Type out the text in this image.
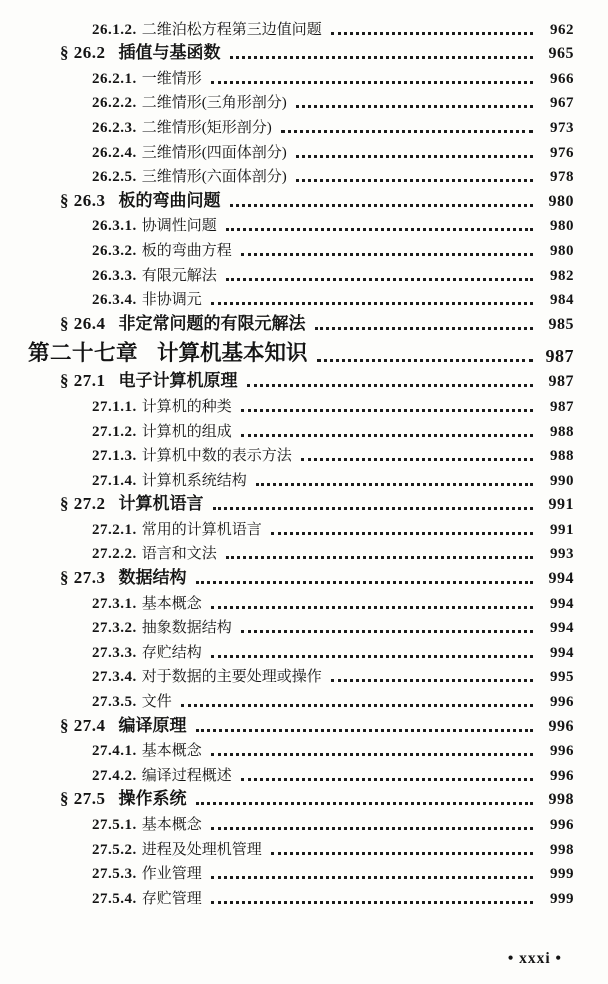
26.1.2. 二维泊松方程第三边值问题	962
§ 26.2 插值与基函数	965
26.2.1. 一维情形	966
26.2.2. 二维情形(三角形剖分)	967
26.2.3. 二维情形(矩形剖分)	973
26.2.4. 三维情形(四面体剖分)	976
26.2.5. 三维情形(六面体剖分)	978
§ 26.3 板的弯曲问题	980
26.3.1. 协调性问题	980
26.3.2. 板的弯曲方程	980
26.3.3. 有限元解法	982
26.3.4. 非协调元	984
§ 26.4 非定常问题的有限元解法	985
第二十七章 计算机基本知识	987
§ 27.1 电子计算机原理	987
27.1.1. 计算机的种类	987
27.1.2. 计算机的组成	988
27.1.3. 计算机中数的表示方法	988
27.1.4. 计算机系统结构	990
§ 27.2 计算机语言	991
27.2.1. 常用的计算机语言	991
27.2.2. 语言和文法	993
§ 27.3 数据结构	994
27.3.1. 基本概念	994
27.3.2. 抽象数据结构	994
27.3.3. 存贮结构	994
27.3.4. 对于数据的主要处理或操作	995
27.3.5. 文件	996
§ 27.4 编译原理	996
27.4.1. 基本概念	996
27.4.2. 编译过程概述	996
§ 27.5 操作系统	998
27.5.1. 基本概念	996
27.5.2. 进程及处理机管理	998
27.5.3. 作业管理	999
27.5.4. 存贮管理	999
• xxxi •
